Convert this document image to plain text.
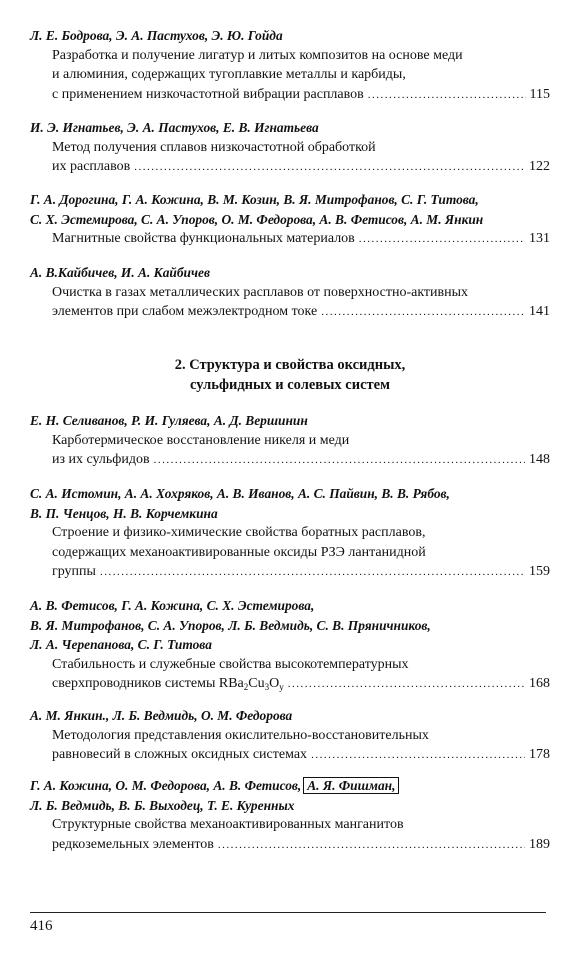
Л. Е. Бодрова, Э. А. Пастухов, Э. Ю. Гойда
Разработка и получение лигатур и литых композитов на основе меди
и алюминия, содержащих тугоплавкие металлы и карбиды,
с применением низкочастотной вибрации расплавов .....	115
И. Э. Игнатьев, Э. А. Пастухов, Е. В. Игнатьева
Метод получения сплавов низкочастотной обработкой
их расплавов .....	122
Г. А. Дорогина, Г. А. Кожина, В. М. Козин, В. Я. Митрофанов, С. Г. Титова,
С. Х. Эстемирова, С. А. Упоров, О. М. Федорова, А. В. Фетисов, А. М. Янкин
Магнитные свойства функциональных материалов .....	131
А. В.Кайбичев, И. А. Кайбичев
Очистка в газах металлических расплавов от поверхностно-активных
элементов при слабом межэлектродном токе .....	141
2. Структура и свойства оксидных,
сульфидных и солевых систем
Е. Н. Селиванов, Р. И. Гуляева, А. Д. Вершинин
Карботермическое восстановление никеля и меди
из их сульфидов .....	148
С. А. Истомин, А. А. Хохряков, А. В. Иванов, А. С. Пайвин, В. В. Рябов,
В. П. Ченцов, Н. В. Корчемкина
Строение и физико-химические свойства боратных расплавов,
содержащих механоактивированные оксиды РЗЭ лантанидной
группы .....	159
А. В. Фетисов, Г. А. Кожина, С. Х. Эстемирова,
В. Я. Митрофанов, С. А. Упоров, Л. Б. Ведмидь, С. В. Пряничников,
Л. А. Черепанова, С. Г. Титова
Стабильность и служебные свойства высокотемпературных
сверхпроводников системы $RBa_2Cu_3O_y$ .....	168
А. М. Янкин., Л. Б. Ведмидь, О. М. Федорова
Методология представления окислительно-восстановительных
равновесий в сложных оксидных системах .....	178
Г. А. Кожина, О. М. Федорова, А. В. Фетисов, А. Я. Фишман,
Л. Б. Ведмидь, В. Б. Выходец, Т. Е. Куренных
Структурные свойства механоактивированных манганитов
редкоземельных элементов .....	189
416
